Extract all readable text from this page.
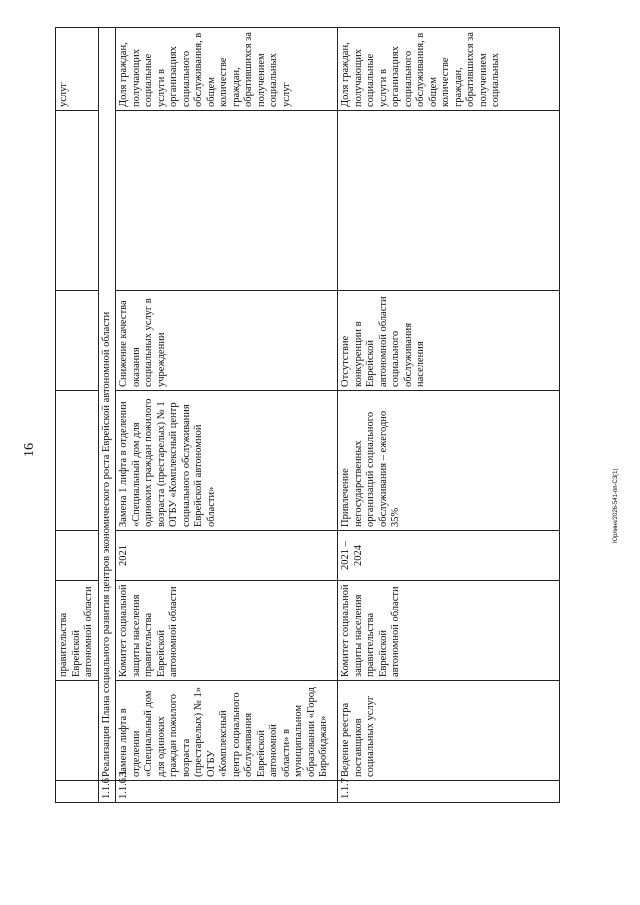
16
Юрлинк/2026-541-пп-С3(1)
		правительства Еврейской автономной области					услуг
1.1.6	Реализация Плана социального развития центров экономического роста Еврейской автономной области						
1.1.6.1	Замена лифта в отделении «Специальный дом для одиноких граждан пожилого возраста (престарелых) № 1» ОГБУ «Комплексный центр социального обслуживания Еврейской автономной области» в муниципальном образовании «Город Биробиджан»	Комитет социальной защиты населения правительства Еврейской автономной области	2021	Замена 1 лифта в отделении «Специальный дом для одиноких граждан пожилого возраста (престарелых) № 1 ОГБУ «Комплексный центр социального обслуживания Еврейской автономной области»	Снижение качества оказания социальных услуг в учреждении		Доля граждан, получающих социальные услуги в организациях социального обслуживания, в общем количестве граждан, обратившихся за получением социальных услуг
1.1.7	Ведение реестра поставщиков социальных услуг	Комитет социальной защиты населения правительства Еврейской автономной области	2021 – 2024	Привлечение негосударственных организаций социального обслуживания – ежегодно 35%	Отсутствие конкуренции в Еврейской автономной области социального обслуживания населения		Доля граждан, получающих социальные услуги в организациях социального обслуживания, в общем количестве граждан, обратившихся за получением социальных
